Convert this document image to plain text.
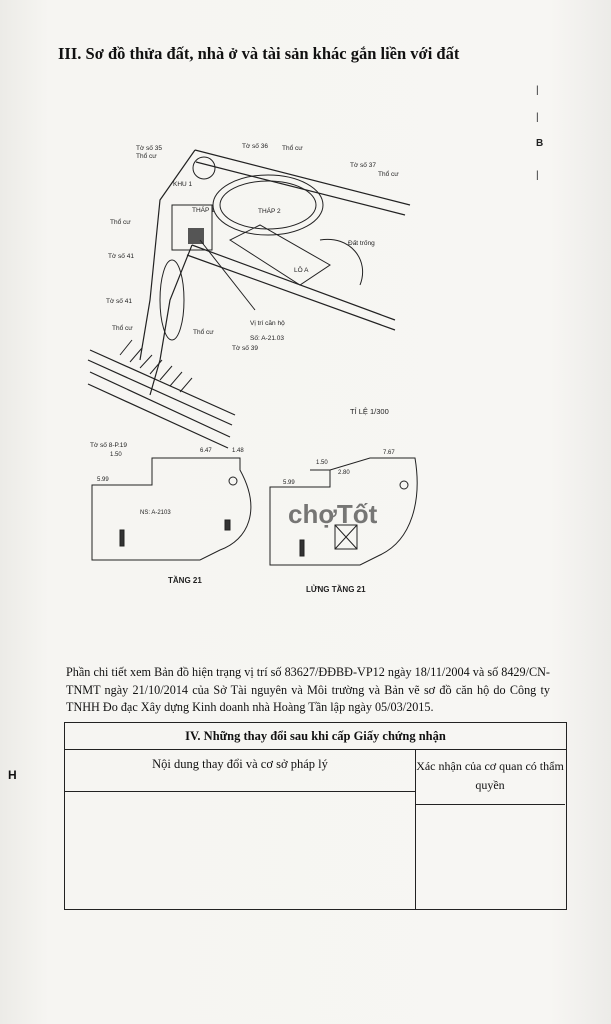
III. Sơ đồ thửa đất, nhà ở và tài sản khác gắn liền với đất
|
|
B
|
Tờ số 35
Thổ cư
Tờ số 36 Thổ cư
Tờ số 37
Thổ cư
KHU 1
THÁP 1	THÁP 2
Thổ cư
Đất trống
Tờ số 41
LÔ A
Tờ số 41
Thổ cư
Thổ cư
Vị trí căn hộ
Số: A-21.03
Tờ số 39
TỈ LỆ 1/300
Tờ số 8-P.19
6.47	1.48
1.50
5.99
NS: A-2103
TẦNG 21
7.67
1.50
2.80
5.99
LỬNG TẦNG 21
chợTốt
Phần chi tiết xem Bản đồ hiện trạng vị trí số 83627/ĐĐBĐ-VP12 ngày 18/11/2004 và số 8429/CN-TNMT ngày 21/10/2014 của Sở Tài nguyên và Môi trường và Bản vẽ sơ đồ căn hộ do Công ty TNHH Đo đạc Xây dựng Kinh doanh nhà Hoàng Tần lập ngày 05/03/2015.
H
IV. Những thay đổi sau khi cấp Giấy chứng nhận
Nội dung thay đổi và cơ sở pháp lý	Xác nhận của cơ quan có thẩm quyền
